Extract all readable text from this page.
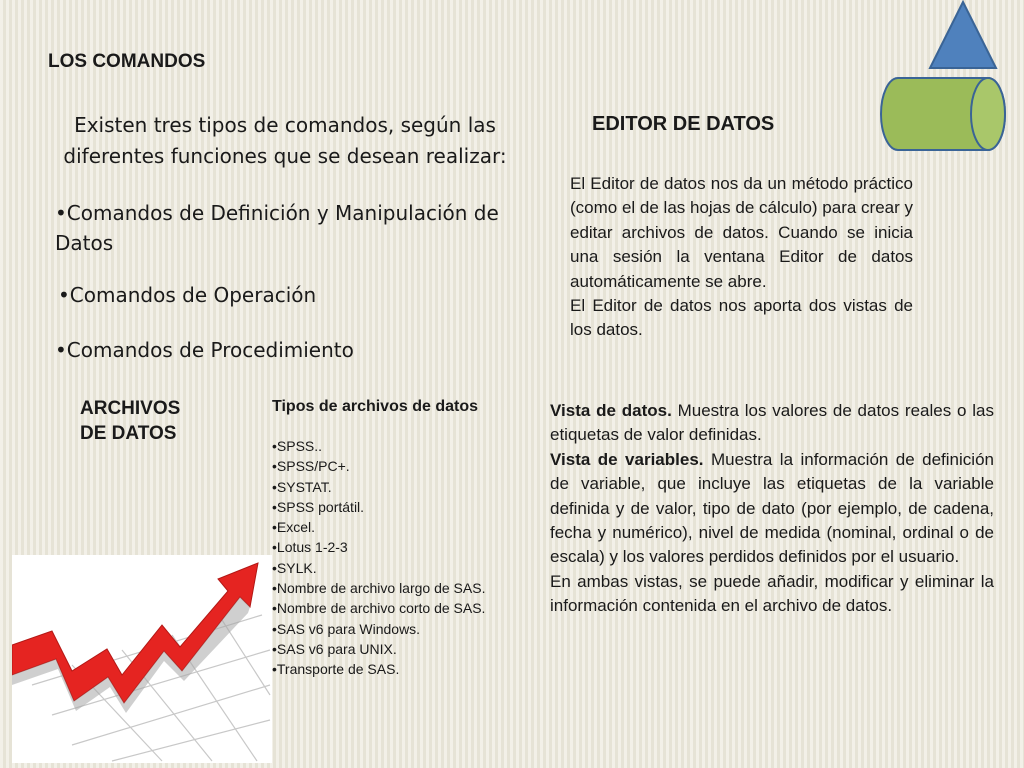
LOS COMANDOS
Existen tres tipos de comandos, según las diferentes funciones que se desean realizar:
•Comandos de Definición y Manipulación de Datos
•Comandos de Operación
•Comandos de Procedimiento
ARCHIVOS
DE DATOS
Tipos de archivos de datos
•SPSS..
•SPSS/PC+.
•SYSTAT.
•SPSS portátil.
•Excel.
•Lotus 1-2-3
•SYLK.
•Nombre de archivo largo de SAS.
•Nombre de archivo corto de SAS.
•SAS v6 para Windows.
•SAS v6 para UNIX.
•Transporte de SAS.
EDITOR DE DATOS

El Editor de datos nos da un método práctico (como el de las hojas de cálculo) para crear y editar archivos de datos. Cuando se inicia una sesión la ventana Editor de datos automáticamente se abre.

El Editor de datos nos aporta dos vistas de los datos.

Vista de datos. Muestra los valores de datos reales o las etiquetas de valor definidas.

Vista de variables. Muestra la información de definición de variable, que incluye las etiquetas de la variable definida y de valor, tipo de dato (por ejemplo, de cadena, fecha y numérico), nivel de medida (nominal, ordinal o de escala) y los valores perdidos definidos por el usuario.

En ambas vistas, se puede añadir, modificar y eliminar la información contenida en el archivo de datos.
